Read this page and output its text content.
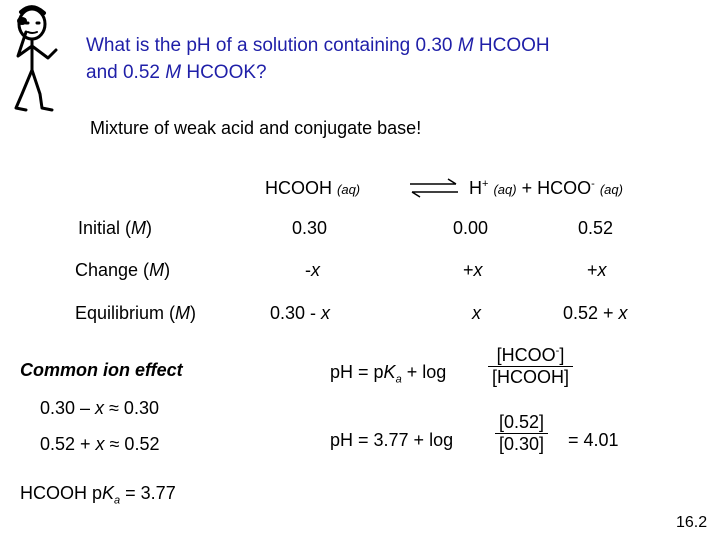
What is the pH of a solution containing 0.30 M HCOOH
and 0.52 M HCOOK?
Mixture of weak acid and conjugate base!
HCOOH (aq)	⇌ H+ (aq) + HCOO- (aq)
Initial (M)	0.30	0.00	0.52
Change (M)	-x	+x	+x
Equilibrium (M)	0.30 - x	x	0.52 + x
Common ion effect
0.30 – x ≈ 0.30
0.52 + x ≈ 0.52
HCOOH $pK_a = 3.77$
pH = $pK_a + \log$
[HCOO-]
[HCOOH]
pH = 3.77 + log
[0.52]
[0.30] = 4.01
16.2
